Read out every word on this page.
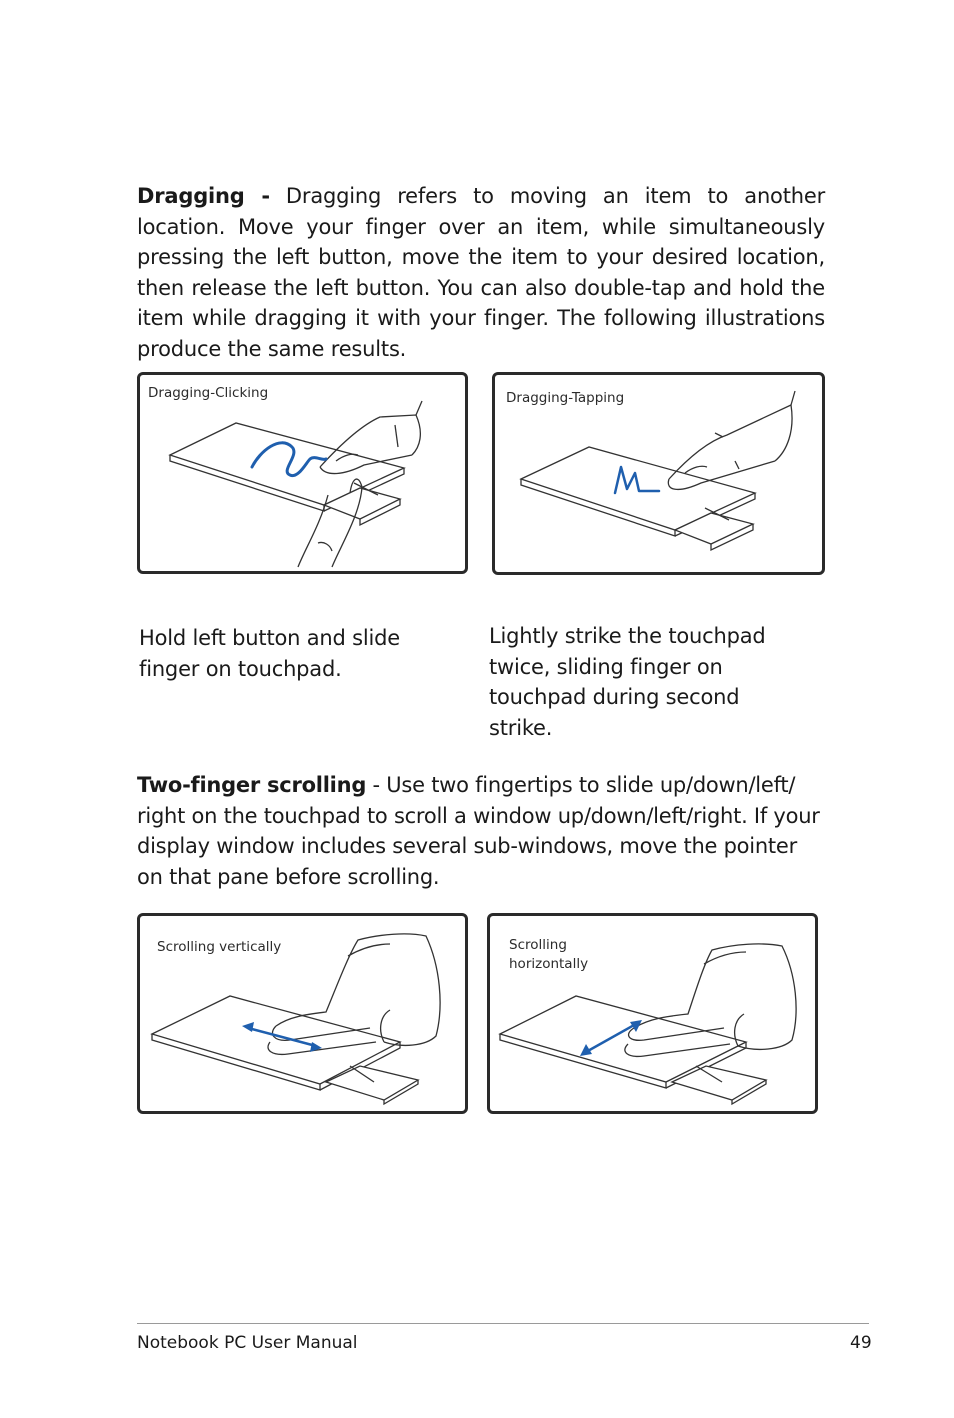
Dragging - Dragging refers to moving an item to another location. Move your finger over an item, while simultaneously pressing the left button, move the item to your desired location, then release the left button. You can also double-tap and hold the item while dragging it with your finger. The following illustrations produce the same results.

Dragging-Clicking	Dragging-Tapping

Hold left button and slide
finger on touchpad.

Lightly strike the touchpad
twice, sliding finger on
touchpad during second
strike.

Two-finger scrolling - Use two fingertips to slide up/down/left/ right on the touchpad to scroll a window up/down/left/right. If your display window includes several sub-windows, move the pointer on that pane before scrolling.

Scrolling vertically	Scrolling
horizontally
Notebook PC User Manual	49
